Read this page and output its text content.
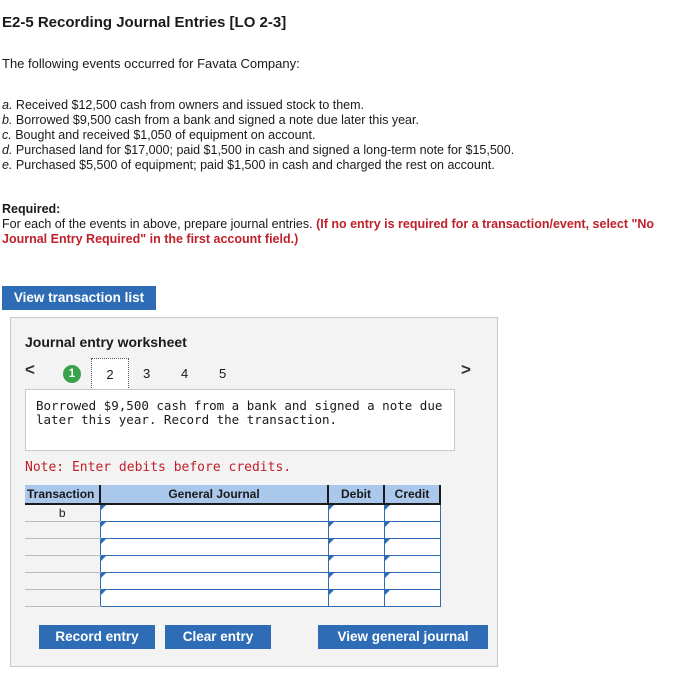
E2-5 Recording Journal Entries [LO 2-3]
The following events occurred for Favata Company:
a. Received $12,500 cash from owners and issued stock to them.
b. Borrowed $9,500 cash from a bank and signed a note due later this year.
c. Bought and received $1,050 of equipment on account.
d. Purchased land for $17,000; paid $1,500 in cash and signed a long-term note for $15,500.
e. Purchased $5,500 of equipment; paid $1,500 in cash and charged the rest on account.
Required:
For each of the events in above, prepare journal entries. (If no entry is required for a transaction/event, select "No Journal Entry Required" in the first account field.)
View transaction list
Journal entry worksheet
<	>
1	2	3 4 5
Borrowed $9,500 cash from a bank and signed a note due later this year. Record the transaction.
Note: Enter debits before credits.
Transaction	General Journal	Debit	Credit
b			

Record entry	Clear entry	View general journal
